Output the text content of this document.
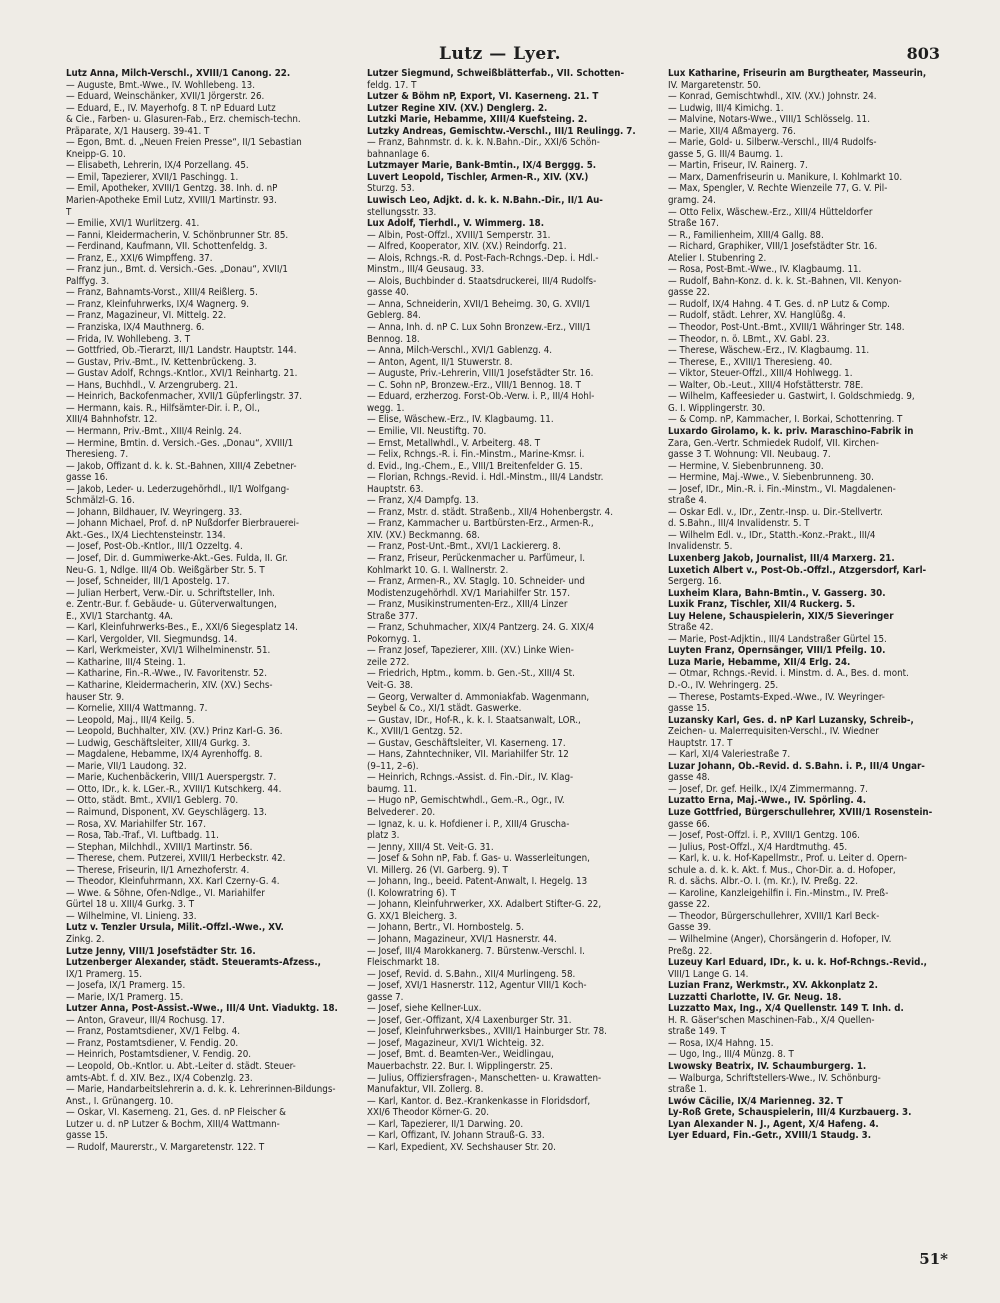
Lutz — Lyer.	803
Lutz Anna, Milch-Verschl., XVIII/1 Canong. 22.
— Auguste, Bmt.-Wwe., IV. Wohllebeng. 13.
— Eduard, Weinschänker, XVII/1 Jörgerstr. 26.
— Eduard, E., IV. Mayerhofg. 8 T. nP Eduard Lutz
& Cie., Farben- u. Glasuren-Fab., Erz. chemisch-techn.
Präparate, X/1 Hauserg. 39-41. T
— Egon, Bmt. d. „Neuen Freien Presse“, II/1 Sebastian
Kneipp-G. 10.
— Elisabeth, Lehrerin, IX/4 Porzellang. 45.
— Emil, Tapezierer, XVII/1 Paschingg. 1.
— Emil, Apotheker, XVIII/1 Gentzg. 38. Inh. d. nP
Marien-Apotheke Emil Lutz, XVIII/1 Martinstr. 93.
T
— Emilie, XVI/1 Wurlitzerg. 41.
— Fanni, Kleidermacherin, V. Schönbrunner Str. 85.
— Ferdinand, Kaufmann, VII. Schottenfeldg. 3.
— Franz, E., XXI/6 Wimpffeng. 37.
— Franz jun., Bmt. d. Versich.-Ges. „Donau“, XVII/1
Palffyg. 3.
— Franz, Bahnamts-Vorst., XIII/4 Reißlerg. 5.
— Franz, Kleinfuhrwerks, IX/4 Wagnerg. 9.
— Franz, Magazineur, VI. Mittelg. 22.
— Franziska, IX/4 Mauthnerg. 6.
— Frida, IV. Wohllebeng. 3. T
— Gottfried, Ob.-Tierarzt, III/1 Landstr. Hauptstr. 144.
— Gustav, Priv.-Bmt., IV. Kettenbrückeng. 3.
— Gustav Adolf, Rchngs.-Kntlor., XVI/1 Reinhartg. 21.
— Hans, Buchhdl., V. Arzengruberg. 21.
— Heinrich, Backofenmacher, XVII/1 Güpferlingstr. 37.
— Hermann, kais. R., Hilfsämter-Dir. i. P., Ol.,
XIII/4 Bahnhofstr. 12.
— Hermann, Priv.-Bmt., XIII/4 Reinlg. 24.
— Hermine, Bmtin. d. Versich.-Ges. „Donau“, XVIII/1
Theresieng. 7.
— Jakob, Offizant d. k. k. St.-Bahnen, XIII/4 Zebetner-
gasse 16.
— Jakob, Leder- u. Lederzugehörhdl., II/1 Wolfgang-
Schmälzl-G. 16.
— Johann, Bildhauer, IV. Weyringerg. 33.
— Johann Michael, Prof. d. nP Nußdorfer Bierbrauerei-
Akt.-Ges., IX/4 Liechtensteinstr. 134.
— Josef, Post-Ob.-Kntlor., III/1 Ozzeltg. 4.
— Josef, Dir. d. Gummiwerke-Akt.-Ges. Fulda, II. Gr.
Neu-G. 1, Ndlge. III/4 Ob. Weißgärber Str. 5. T
— Josef, Schneider, III/1 Apostelg. 17.
— Julian Herbert, Verw.-Dir. u. Schriftsteller, Inh.
e. Zentr.-Bur. f. Gebäude- u. Güterverwaltungen,
E., XVI/1 Starchantg. 4A.
— Karl, Kleinfuhrwerks-Bes., E., XXI/6 Siegesplatz 14.
— Karl, Vergolder, VII. Siegmundsg. 14.
— Karl, Werkmeister, XVI/1 Wilhelminenstr. 51.
— Katharine, III/4 Steing. 1.
— Katharine, Fin.-R.-Wwe., IV. Favoritenstr. 52.
— Katharine, Kleidermacherin, XIV. (XV.) Sechs-
hauser Str. 9.
— Kornelie, XIII/4 Wattmanng. 7.
— Leopold, Maj., III/4 Keilg. 5.
— Leopold, Buchhalter, XIV. (XV.) Prinz Karl-G. 36.
— Ludwig, Geschäftsleiter, XIII/4 Gurkg. 3.
— Magdalene, Hebamme, IX/4 Ayrenhoffg. 8.
— Marie, VII/1 Laudong. 32.
— Marie, Kuchenbäckerin, VIII/1 Auerspergstr. 7.
— Otto, IDr., k. k. LGer.-R., XVIII/1 Kutschkerg. 44.
— Otto, städt. Bmt., XVII/1 Geblerg. 70.
— Raimund, Disponent, XV. Geyschlägerg. 13.
— Rosa, XV. Mariahilfer Str. 167.
— Rosa, Tab.-Traf., VI. Luftbadg. 11.
— Stephan, Milchhdl., XVIII/1 Martinstr. 56.
— Therese, chem. Putzerei, XVIII/1 Herbeckstr. 42.
— Therese, Friseurin, II/1 Arnezhoferstr. 4.
— Theodor, Kleinfuhrmann, XX. Karl Czerny-G. 4.
— Wwe. & Söhne, Ofen-Ndlge., VI. Mariahilfer
Gürtel 18 u. XIII/4 Gurkg. 3. T
— Wilhelmine, VI. Linieng. 33.
Lutz v. Tenzler Ursula, Milit.-Offzl.-Wwe., XV.
Zinkg. 2.
Lutze Jenny, VIII/1 Josefstädter Str. 16.
Lutzenberger Alexander, städt. Steueramts-Afzess.,
IX/1 Pramerg. 15.
— Josefa, IX/1 Pramerg. 15.
— Marie, IX/1 Pramerg. 15.
Lutzer Anna, Post-Assist.-Wwe., III/4 Unt. Viaduktg. 18.
— Anton, Graveur, III/4 Rochusg. 17.
— Franz, Postamtsdiener, XV/1 Felbg. 4.
— Franz, Postamtsdiener, V. Fendig. 20.
— Heinrich, Postamtsdiener, V. Fendig. 20.
— Leopold, Ob.-Kntlor. u. Abt.-Leiter d. städt. Steuer-
amts-Abt. f. d. XIV. Bez., IX/4 Cobenzlg. 23.
— Marie, Handarbeitslehrerin a. d. k. k. Lehrerinnen-Bildungs-
Anst., I. Grünangerg. 10.
— Oskar, VI. Kaserneng. 21, Ges. d. nP Fleischer &
Lutzer u. d. nP Lutzer & Bochm, XIII/4 Wattmann-
gasse 15.
— Rudolf, Maurerstr., V. Margaretenstr. 122. T
Lutzer Siegmund, Schweißblätterfab., VII. Schotten-
feldg. 17. T
Lutzer & Böhm nP, Export, VI. Kaserneng. 21. T
Lutzer Regine XIV. (XV.) Denglerg. 2.
Lutzki Marie, Hebamme, XIII/4 Kuefsteing. 2.
Lutzky Andreas, Gemischtw.-Verschl., III/1 Reulingg. 7.
— Franz, Bahnmstr. d. k. k. N.Bahn.-Dir., XXI/6 Schön-
bahnanlage 6.
Lutzmayer Marie, Bank-Bmtin., IX/4 Berggg. 5.
Luvert Leopold, Tischler, Armen-R., XIV. (XV.)
Sturzg. 53.
Luwisch Leo, Adjkt. d. k. k. N.Bahn.-Dir., II/1 Au-
stellungsstr. 33.
Lux Adolf, Tierhdl., V. Wimmerg. 18.
— Albin, Post-Offzl., XVIII/1 Semperstr. 31.
— Alfred, Kooperator, XIV. (XV.) Reindorfg. 21.
— Alois, Rchngs.-R. d. Post-Fach-Rchngs.-Dep. i. Hdl.-
Minstm., III/4 Geusaug. 33.
— Alois, Buchbinder d. Staatsdruckerei, III/4 Rudolfs-
gasse 40.
— Anna, Schneiderin, XVII/1 Beheimg. 30, G. XVII/1
Geblerg. 84.
— Anna, Inh. d. nP C. Lux Sohn Bronzew.-Erz., VIII/1
Bennog. 18.
— Anna, Milch-Verschl., XVI/1 Gablenzg. 4.
— Anton, Agent, II/1 Stuwerstr. 8.
— Auguste, Priv.-Lehrerin, VIII/1 Josefstädter Str. 16.
— C. Sohn nP, Bronzew.-Erz., VIII/1 Bennog. 18. T
— Eduard, erzherzog. Forst-Ob.-Verw. i. P., III/4 Hohl-
wegg. 1.
— Elise, Wäschew.-Erz., IV. Klagbaumg. 11.
— Emilie, VII. Neustiftg. 70.
— Ernst, Metallwhdl., V. Arbeiterg. 48. T
— Felix, Rchngs.-R. i. Fin.-Minstm., Marine-Kmsr. i.
d. Evid., Ing.-Chem., E., VIII/1 Breitenfelder G. 15.
— Florian, Rchngs.-Revid. i. Hdl.-Minstm., III/4 Landstr.
Hauptstr. 63.
— Franz, X/4 Dampfg. 13.
— Franz, Mstr. d. städt. Straßenb., XII/4 Hohenbergstr. 4.
— Franz, Kammacher u. Bartbürsten-Erz., Armen-R.,
XIV. (XV.) Beckmanng. 68.
— Franz, Post-Unt.-Bmt., XVI/1 Lackiererg. 8.
— Franz, Friseur, Perückenmacher u. Parfümeur, I.
Kohlmarkt 10. G. I. Wallnerstr. 2.
— Franz, Armen-R., XV. Staglg. 10. Schneider- und
Modistenzugehörhdl. XV/1 Mariahilfer Str. 157.
— Franz, Musikinstrumenten-Erz., XIII/4 Linzer
Straße 377.
— Franz, Schuhmacher, XIX/4 Pantzerg. 24. G. XIX/4
Pokornyg. 1.
— Franz Josef, Tapezierer, XIII. (XV.) Linke Wien-
zeile 272.
— Friedrich, Hptm., komm. b. Gen.-St., XIII/4 St.
Veit-G. 38.
— Georg, Verwalter d. Ammoniakfab. Wagenmann,
Seybel & Co., XI/1 städt. Gaswerke.
— Gustav, IDr., Hof-R., k. k. I. Staatsanwalt, LOR.,
K., XVIII/1 Gentzg. 52.
— Gustav, Geschäftsleiter, VI. Kaserneng. 17.
— Hans, Zahntechniker, VII. Mariahilfer Str. 12
(9–11, 2–6).
— Heinrich, Rchngs.-Assist. d. Fin.-Dir., IV. Klag-
baumg. 11.
— Hugo nP, Gemischtwhdl., Gem.-R., Ogr., IV.
Belvederег. 20.
— Ignaz, k. u. k. Hofdiener i. P., XIII/4 Gruscha-
platz 3.
— Jenny, XIII/4 St. Veit-G. 31.
— Josef & Sohn nP, Fab. f. Gas- u. Wasserleitungen,
VI. Millerg. 26 (VI. Garberg. 9). T
— Johann, Ing., beeid. Patent-Anwalt, I. Hegelg. 13
(I. Kolowratring 6). T
— Johann, Kleinfuhrwerker, XX. Adalbert Stifter-G. 22,
G. XX/1 Bleicherg. 3.
— Johann, Bertr., VI. Hornbostelg. 5.
— Johann, Magazineur, XVI/1 Hasnerstr. 44.
— Josef, III/4 Marokkanerg. 7. Bürstenw.-Verschl. I.
Fleischmarkt 18.
— Josef, Revid. d. S.Bahn., XII/4 Murlingeng. 58.
— Josef, XVI/1 Hasnerstr. 112, Agentur VIII/1 Koch-
gasse 7.
— Josef, siehe Kellner-Lux.
— Josef, Ger.-Offizant, X/4 Laxenburger Str. 31.
— Josef, Kleinfuhrwerksbes., XVIII/1 Hainburger Str. 78.
— Josef, Magazineur, XVI/1 Wichteig. 32.
— Josef, Bmt. d. Beamten-Ver., Weidlingau,
Mauerbachstr. 22. Bur. I. Wipplingerstr. 25.
— Julius, Offiziersfragen-, Manschetten- u. Krawatten-
Manufaktur, VII. Zollerg. 8.
— Karl, Kantor. d. Bez.-Krankenkasse in Floridsdorf,
XXI/6 Theodor Körner-G. 20.
— Karl, Tapezierer, II/1 Darwing. 20.
— Karl, Offizant, IV. Johann Strauß-G. 33.
— Karl, Expedient, XV. Sechshauser Str. 20.
Lux Katharine, Friseurin am Burgtheater, Masseurin,
IV. Margaretenstr. 50.
— Konrad, Gemischtwhdl., XIV. (XV.) Johnstr. 24.
— Ludwig, III/4 Kimichg. 1.
— Malvine, Notars-Wwe., VIII/1 Schlösselg. 11.
— Marie, XII/4 Aßmayerg. 76.
— Marie, Gold- u. Silberw.-Verschl., III/4 Rudolfs-
gasse 5, G. III/4 Baumg. 1.
— Martin, Friseur, IV. Rainerg. 7.
— Marx, Damenfriseurin u. Manikure, I. Kohlmarkt 10.
— Max, Spengler, V. Rechte Wienzeile 77, G. V. Pil-
gramg. 24.
— Otto Felix, Wäschew.-Erz., XIII/4 Hütteldorfer
Straße 167.
— R., Familienheim, XIII/4 Gallg. 88.
— Richard, Graphiker, VIII/1 Josefstädter Str. 16.
Atelier I. Stubenring 2.
— Rosa, Post-Bmt.-Wwe., IV. Klagbaumg. 11.
— Rudolf, Bahn-Konz. d. k. k. St.-Bahnen, VII. Kenyon-
gasse 22.
— Rudolf, IX/4 Hahng. 4 T. Ges. d. nP Lutz & Comp.
— Rudolf, städt. Lehrer, XV. Hanglüßg. 4.
— Theodor, Post-Unt.-Bmt., XVIII/1 Währinger Str. 148.
— Theodor, n. ö. LBmt., XV. Gabl. 23.
— Therese, Wäschew.-Erz., IV. Klagbaumg. 11.
— Therese, E., XVIII/1 Theresieng. 40.
— Viktor, Steuer-Offzl., XIII/4 Hohlwegg. 1.
— Walter, Ob.-Leut., XIII/4 Hofstätterstr. 78E.
— Wilhelm, Kaffeesieder u. Gastwirt, I. Goldschmiedg. 9,
G. I. Wipplingerstr. 30.
— & Comp. nP, Kammacher, I. Borkai, Schottenring. T
Luxardo Girolamo, k. k. priv. Maraschino-Fabrik in
Zara, Gen.-Vertr. Schmiedek Rudolf, VII. Kirchen-
gasse 3 T. Wohnung: VII. Neubaug. 7.
— Hermine, V. Siebenbrunneng. 30.
— Hermine, Maj.-Wwe., V. Siebenbrunneng. 30.
— Josef, IDr., Min.-R. i. Fin.-Minstm., VI. Magdalenen-
straße 4.
— Oskar Edl. v., IDr., Zentr.-Insp. u. Dir.-Stellvertr.
d. S.Bahn., III/4 Invalidenstr. 5. T
— Wilhelm Edl. v., IDr., Statth.-Konz.-Prakt., III/4
Invalidenstr. 5.
Luxenberg Jakob, Journalist, III/4 Marxerg. 21.
Luxetich Albert v., Post-Ob.-Offzl., Atzgersdorf, Karl-
Sergerg. 16.
Luxheim Klara, Bahn-Bmtin., V. Gasserg. 30.
Luxik Franz, Tischler, XII/4 Ruckerg. 5.
Luy Helene, Schauspielerin, XIX/5 Sieveringer
Straße 42.
— Marie, Post-Adjktin., III/4 Landstraßer Gürtel 15.
Luyten Franz, Opernsänger, VIII/1 Pfeilg. 10.
Luza Marie, Hebamme, XII/4 Erlg. 24.
— Otmar, Rchngs.-Revid. i. Minstm. d. A., Bes. d. mont.
D.-O., IV. Wehringerg. 25.
— Therese, Postamts-Exped.-Wwe., IV. Weyringer-
gasse 15.
Luzansky Karl, Ges. d. nP Karl Luzansky, Schreib-,
Zeichen- u. Malerrequisiten-Verschl., IV. Wiedner
Hauptstr. 17. T
— Karl, XI/4 Valeriestraße 7.
Luzar Johann, Ob.-Revid. d. S.Bahn. i. P., III/4 Ungar-
gasse 48.
— Josef, Dr. gef. Heilk., IX/4 Zimmermanng. 7.
Luzatto Erna, Maj.-Wwe., IV. Spörling. 4.
Luze Gottfried, Bürgerschullehrer, XVIII/1 Rosenstein-
gasse 66.
— Josef, Post-Offzl. i. P., XVIII/1 Gentzg. 106.
— Julius, Post-Offzl., X/4 Hardtmuthg. 45.
— Karl, k. u. k. Hof-Kapellmstr., Prof. u. Leiter d. Opern-
schule a. d. k. k. Akt. f. Mus., Chor-Dir. a. d. Hofoper,
R. d. sächs. Albr.-O. I. (m. Kr.), IV. Preßg. 22.
— Karoline, Kanzleigehilfin i. Fin.-Minstm., IV. Preß-
gasse 22.
— Theodor, Bürgerschullehrer, XVIII/1 Karl Beck-
Gasse 39.
— Wilhelmine (Anger), Chorsängerin d. Hofoper, IV.
Preßg. 22.
Luzeuy Karl Eduard, IDr., k. u. k. Hof-Rchngs.-Revid.,
VIII/1 Lange G. 14.
Luzian Franz, Werkmstr., XV. Akkonplatz 2.
Luzzatti Charlotte, IV. Gr. Neug. 18.
Luzzatto Max, Ing., X/4 Quellenstr. 149 T. Inh. d.
H. R. Gäser'schen Maschinen-Fab., X/4 Quellen-
straße 149. T
— Rosa, IX/4 Hahng. 15.
— Ugo, Ing., III/4 Münzg. 8. T
Lwowsky Beatrix, IV. Schaumburgerg. 1.
— Walburga, Schriftstellers-Wwe., IV. Schönburg-
straße 1.
Lwów Cäcilie, IX/4 Marienneg. 32. T
Ly-Roß Grete, Schauspielerin, III/4 Kurzbauerg. 3.
Lyan Alexander N. J., Agent, X/4 Hafeng. 4.
Lyer Eduard, Fin.-Getr., XVIII/1 Staudg. 3.
51*
